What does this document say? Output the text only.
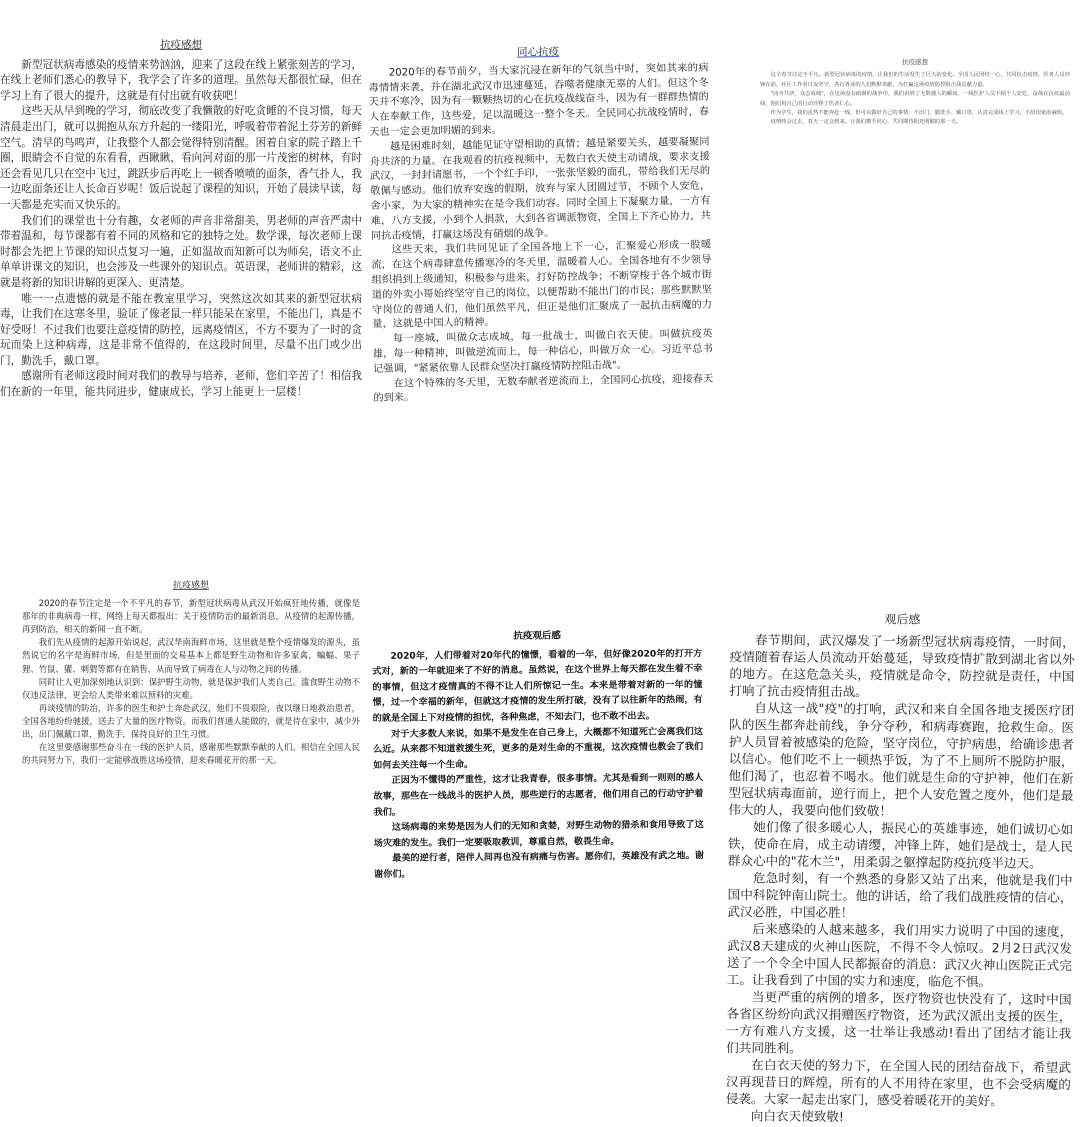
抗疫感想

新型冠状病毒感染的疫情来势汹汹，迎来了这段在线上紧张刻苦的学习，在线上老师们悉心的教导下，我学会了许多的道理。虽然每天都很忙碌，但在学习上有了很大的提升，这就是有付出就有收获吧！

这些天从早到晚的学习，彻底改变了我懒散的好吃贪睡的不良习惯，每天清晨走出门，就可以拥抱从东方升起的一缕阳光，呼吸着带着泥土芬芳的新鲜空气。清早的鸟鸣声，让我整个人都会觉得特别清醒。困着自家的院子踏上千圈，眼睛会不自觉的东看看，西瞅瞅，看向河对面的那一片茂密的树林，有时还会看见几只在空中飞过，跳跃步后再吃上一顿香喷喷的面条，香气扑人，我一边吃面条还让人长命百岁呢！饭后说起了课程的知识，开始了晨读早读，每一天都是充实而又快乐的。

我们们的课堂也十分有趣，女老师的声音非常甜美，男老师的声音严肃中带着温和，每节课都有着不同的风格和它的独特之处。数学课，每次老师上课时都会先把上节课的知识点复习一遍，正如温故而知新可以为师矣，语文不止单单讲课文的知识，也会涉及一些课外的知识点。英语课，老师讲的精彩，这就是将新的知识讲解的更深入、更清楚。

唯一一点遗憾的就是不能在教室里学习，突然这次如其来的新型冠状病毒，让我们在这寒冬里，验证了像老鼠一样只能呆在家里，不能出门，真是不好受呀！不过我们也要注意疫情的防控，远离疫情区，不方不要为了一时的贪玩而染上这种病毒，这是非常不值得的，在这段时间里，尽量不出门或少出门，勤洗手，戴口罩。

感谢所有老师这段时间对我们的教导与培养，老师，您们辛苦了！相信我们在新的一年里，能共同进步，健康成长，学习上能更上一层楼！

同心抗疫

2020年的春节前夕，当大家沉浸在新年的气氛当中时，突如其来的病毒情情来袭，并在湖北武汉市迅速蔓延，吞噬者健康无辜的人们。但这个冬天并不寒冷，因为有一颗颗热切的心在抗疫战线奋斗，因为有一群群热情的人在奉献工作，这些爱，足以温暖这一整个冬天。全民同心抗战疫情时，春天也一定会更加明媚的到来。

越是困难时刻，越能见证守望相助的真情；越是紧要关头，越要凝聚同舟共济的力量。在我观看的抗疫视频中，无数白衣天使主动请战，要求支援武汉，一封封请愿书，一个个红手印，一张张坚毅的面孔，带给我们无尽的敬佩与感动。他们放弃安逸的假期，放弃与家人团圆过节，不顾个人安危，舍小家，为大家的精神实在是令我们动容。同时全国上下凝聚力量，一方有难，八方支援，小到个人捐款，大到各省调派物资，全国上下齐心协力，共同抗击疫情，打赢这场没有硝烟的战争。

这些天来，我们共同见证了全国各地上下一心，汇聚爱心形成一股暖流，在这个病毒肆意传播寒冷的冬天里，温暖着人心。全国各地有不少领导组织捐到上级通知，积极参与进来，打好防控战争；不断穿梭于各个城市街道的外卖小哥始终坚守自己的岗位，以便帮助不能出门的市民；那些默默坚守岗位的普通人们，他们虽然平凡，但正是他们汇聚成了一起抗击病魔的力量，这就是中国人的精神。

每一座城，叫做众志成城，每一批战士，叫做白衣天使。叫做抗疫英雄，每一种精神，叫做逆流而上，每一种信心，叫做万众一心。习近平总书记强调，"紧紧依靠人民群众坚决打赢疫情防控阻击战"。

在这个特殊的冬天里，无数奉献者逆流而上，全国同心抗疫，迎接春天的到来。

抗疫感想

这个春节注定不平凡。新型冠状病毒的疫情，让我们的生活发生了巨大的变化。全国人民团结一心，共同抗击疫情，医务人员冲锋在前，社区工作者日夜坚守，各行各业的人们默默奉献，为打赢这场疫情防控阻击战贡献力量。

"同舟共济，众志成城"，在这场没有硝烟的战争中，我们看到了无数感人的瞬间。一线医护人员不顾个人安危，奋战在抗疫最前线，他们用自己的行动诠释了医者仁心。

作为学生，我们虽然不能奔赴一线，但可以做好自己的事情：不出门、勤洗手、戴口罩，认真完成线上学习，不给国家添麻烦。

疫情终会过去，春天一定会到来。让我们携手同心，共同期待阳光明媚的那一天。

抗疫感想

2020的春节注定是一个不平凡的春节，新型冠状病毒从武汉开始疯狂地传播，就像是那年的非典病毒一样，网络上每天都报出：关于疫情防治的最新消息，从疫情的起源传播，再到防治，相关的新闻一直不断。

我们先从疫情的起源开始说起，武汉华南海鲜市场，这里就是整个疫情爆发的源头，虽然说它的名字是海鲜市场，但是里面的交易基本上都是野生动物和许多家禽，蝙蝠、果子狸、竹鼠、獾、刺猬等都有在销售，从而导致了病毒在人与动物之间的传播。

同时让人更加深刻地认识到：保护野生动物，就是保护我们人类自己。滥食野生动物不仅违反法律，更会给人类带来难以预料的灾难。

再谈疫情的防治，许多的医生和护士奔赴武汉，他们不畏艰险，夜以继日地救治患者，全国各地纷纷驰援，送去了大量的医疗物资。而我们普通人能做的，就是待在家中，减少外出，出门佩戴口罩，勤洗手，保持良好的卫生习惯。

在这里要感谢那些奋斗在一线的医护人员，感谢那些默默奉献的人们。相信在全国人民的共同努力下，我们一定能够战胜这场疫情，迎来春暖花开的那一天。

抗疫观后感

2020年，人们带着对20年代的憧憬，看着的一年，但好像2020年的打开方式对，新的一年就迎来了不好的消息。虽然说，在这个世界上每天都在发生着不幸的事情，但这才疫情真的不得不让人们所惊记一生。本来是带着对新的一年的憧憬，过一个幸福的新年，但就这才疫情的发生所打破，没有了以往新年的热闹，有的就是全国上下对疫情的担忧，各种焦虑，不知去门，也不敢不出去。

对于大多数人来说，如果不是发生在自己身上，大概都不知道死亡会离我们这么近。从来都不知道救援生死，更多的是对生命的不重视，这次疫情也教会了我们如何去关注每一个生命。

正因为不懂得的严重性，这才让我青春，很多事情。尤其是看到一则则的感人故事，那些在一线战斗的医护人员，那些逆行的志愿者，他们用自己的行动守护着我们。

这场病毒的来势是因为人们的无知和贪婪，对野生动物的猎杀和食用导致了这场灾难的发生。我们一定要吸取教训，尊重自然，敬畏生命。

最美的逆行者，陪伴人间再也没有病痛与伤害。愿你们，英雄没有武之地。谢谢你们。

观后感

春节期间，武汉爆发了一场新型冠状病毒疫情，一时间，疫情随着春运人员流动开始蔓延，导致疫情扩散到湖北省以外的地方。在这危急关头，疫情就是命令，防控就是责任，中国打响了抗击疫情狙击战。

自从这一战"疫"的打响，武汉和来自全国各地支援医疗团队的医生都奔赴前线，争分夺秒，和病毒赛跑，抢救生命。医护人员冒着被感染的危险，坚守岗位，守护病患，给确诊患者以信心。他们吃不上一顿热乎饭，为了不上厕所不脱防护服，他们渴了，也忍着不喝水。他们就是生命的守护神，他们在新型冠状病毒面前，逆行而上，把个人安危置之度外，他们是最伟大的人，我要向他们致敬！

她们像了很多暖心人，振民心的英雄事迹，她们诚切心如铁，使命在肩，成主动请缨，冲锋上阵，她们是战士，是人民群众心中的"花木兰"，用柔弱之躯撑起防疫抗疫半边天。

危急时刻，有一个熟悉的身影又站了出来，他就是我们中国中科院钟南山院士。他的讲话，给了我们战胜疫情的信心，武汉必胜，中国必胜！

后来感染的人越来越多，我们用实力说明了中国的速度，武汉8天建成的火神山医院，不得不令人惊叹。2月2日武汉发送了一个令全中国人民都振奋的消息：武汉火神山医院正式完工。让我看到了中国的实力和速度，临危不惧。

当更严重的病例的增多，医疗物资也快没有了，这时中国各省区纷纷向武汉捐赠医疗物资，还为武汉派出支援的医生，一方有难八方支援，这一壮举让我感动!看出了团结才能让我们共同胜利。

在白衣天使的努力下，在全国人民的团结奋战下，希望武汉再现昔日的辉煌，所有的人不用待在家里，也不会受病魔的侵袭。大家一起走出家门，感受着暖花开的美好。

向白衣天使致敬!
